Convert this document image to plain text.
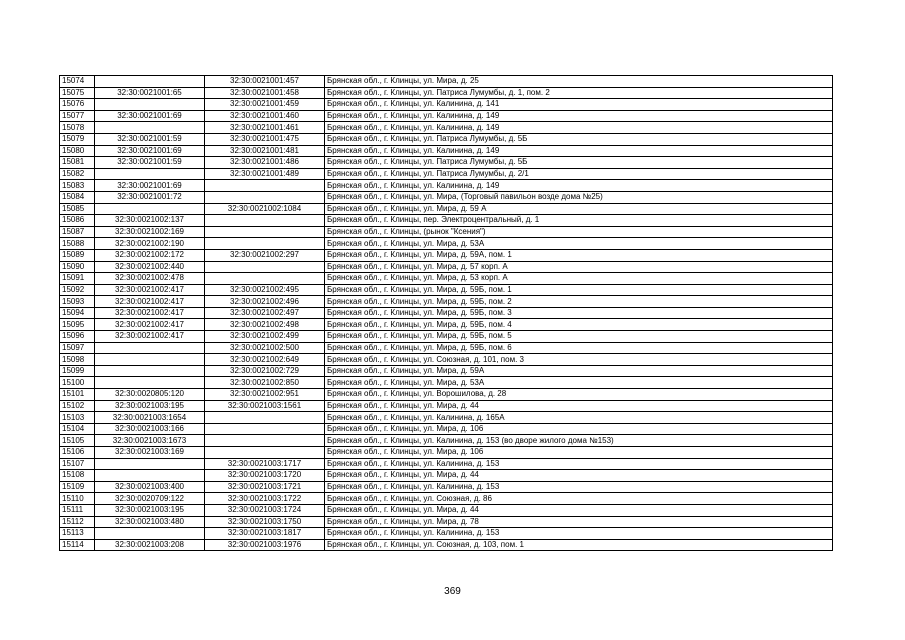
15074		32:30:0021001:457	Брянская обл., г. Клинцы, ул. Мира, д. 25
15075	32:30:0021001:65	32:30:0021001:458	Брянская обл., г. Клинцы, ул. Патриса Лумумбы, д. 1, пом. 2
15076		32:30:0021001:459	Брянская обл., г. Клинцы, ул. Калинина, д. 141
15077	32:30:0021001:69	32:30:0021001:460	Брянская обл., г. Клинцы, ул. Калинина, д. 149
15078		32:30:0021001:461	Брянская обл., г. Клинцы, ул. Калинина, д. 149
15079	32:30:0021001:59	32:30:0021001:475	Брянская обл., г. Клинцы, ул. Патриса Лумумбы, д. 5Б
15080	32:30:0021001:69	32:30:0021001:481	Брянская обл., г. Клинцы, ул. Калинина, д. 149
15081	32:30:0021001:59	32:30:0021001:486	Брянская обл., г. Клинцы, ул. Патриса Лумумбы, д. 5Б
15082		32:30:0021001:489	Брянская обл., г. Клинцы, ул. Патриса Лумумбы, д. 2/1
15083	32:30:0021001:69		Брянская обл., г. Клинцы, ул. Калинина, д. 149
15084	32:30:0021001:72		Брянская обл., г. Клинцы, ул. Мира, (Торговый павильон возде дома №25)
15085		32:30:0021002:1084	Брянская обл., г. Клинцы, ул. Мира, д. 59 А
15086	32:30:0021002:137		Брянская обл., г. Клинцы, пер. Электроцентральный, д. 1
15087	32:30:0021002:169		Брянская обл., г. Клинцы, (рынок "Ксения")
15088	32:30:0021002:190		Брянская обл., г. Клинцы, ул. Мира, д. 53А
15089	32:30:0021002:172	32:30:0021002:297	Брянская обл., г. Клинцы, ул. Мира, д. 59А, пом. 1
15090	32:30:0021002:440		Брянская обл., г. Клинцы, ул. Мира, д. 57 корп. А
15091	32:30:0021002:478		Брянская обл., г. Клинцы, ул. Мира, д. 53 корп. А
15092	32:30:0021002:417	32:30:0021002:495	Брянская обл., г. Клинцы, ул. Мира, д. 59Б, пом. 1
15093	32:30:0021002:417	32:30:0021002:496	Брянская обл., г. Клинцы, ул. Мира, д. 59Б, пом. 2
15094	32:30:0021002:417	32:30:0021002:497	Брянская обл., г. Клинцы, ул. Мира, д. 59Б, пом. 3
15095	32:30:0021002:417	32:30:0021002:498	Брянская обл., г. Клинцы, ул. Мира, д. 59Б, пом. 4
15096	32:30:0021002:417	32:30:0021002:499	Брянская обл., г. Клинцы, ул. Мира, д. 59Б, пом. 5
15097		32:30:0021002:500	Брянская обл., г. Клинцы, ул. Мира, д. 59Б, пом. 6
15098		32:30:0021002:649	Брянская обл., г. Клинцы, ул. Союзная, д. 101, пом. 3
15099		32:30:0021002:729	Брянская обл., г. Клинцы, ул. Мира, д. 59А
15100		32:30:0021002:850	Брянская обл., г. Клинцы, ул. Мира, д. 53А
15101	32:30:0020805:120	32:30:0021002:951	Брянская обл., г. Клинцы, ул. Ворошилова, д. 28
15102	32:30:0021003:195	32:30:0021003:1561	Брянская обл., г. Клинцы, ул. Мира, д. 44
15103	32:30:0021003:1654		Брянская обл., г. Клинцы, ул. Калинина, д. 165А
15104	32:30:0021003:166		Брянская обл., г. Клинцы, ул. Мира, д. 106
15105	32:30:0021003:1673		Брянская обл., г. Клинцы, ул. Калинина, д. 153 (во дворе жилого дома №153)
15106	32:30:0021003:169		Брянская обл., г. Клинцы, ул. Мира, д. 106
15107		32:30:0021003:1717	Брянская обл., г. Клинцы, ул. Калинина, д. 153
15108		32:30:0021003:1720	Брянская обл., г. Клинцы, ул. Мира, д. 44
15109	32:30:0021003:400	32:30:0021003:1721	Брянская обл., г. Клинцы, ул. Калинина, д. 153
15110	32:30:0020709:122	32:30:0021003:1722	Брянская обл., г. Клинцы, ул. Союзная, д. 86
15111	32:30:0021003:195	32:30:0021003:1724	Брянская обл., г. Клинцы, ул. Мира, д. 44
15112	32:30:0021003:480	32:30:0021003:1750	Брянская обл., г. Клинцы, ул. Мира, д. 78
15113		32:30:0021003:1817	Брянская обл., г. Клинцы, ул. Калинина, д. 153
15114	32:30:0021003:208	32:30:0021003:1976	Брянская обл., г. Клинцы, ул. Союзная, д. 103, пом. 1
369
